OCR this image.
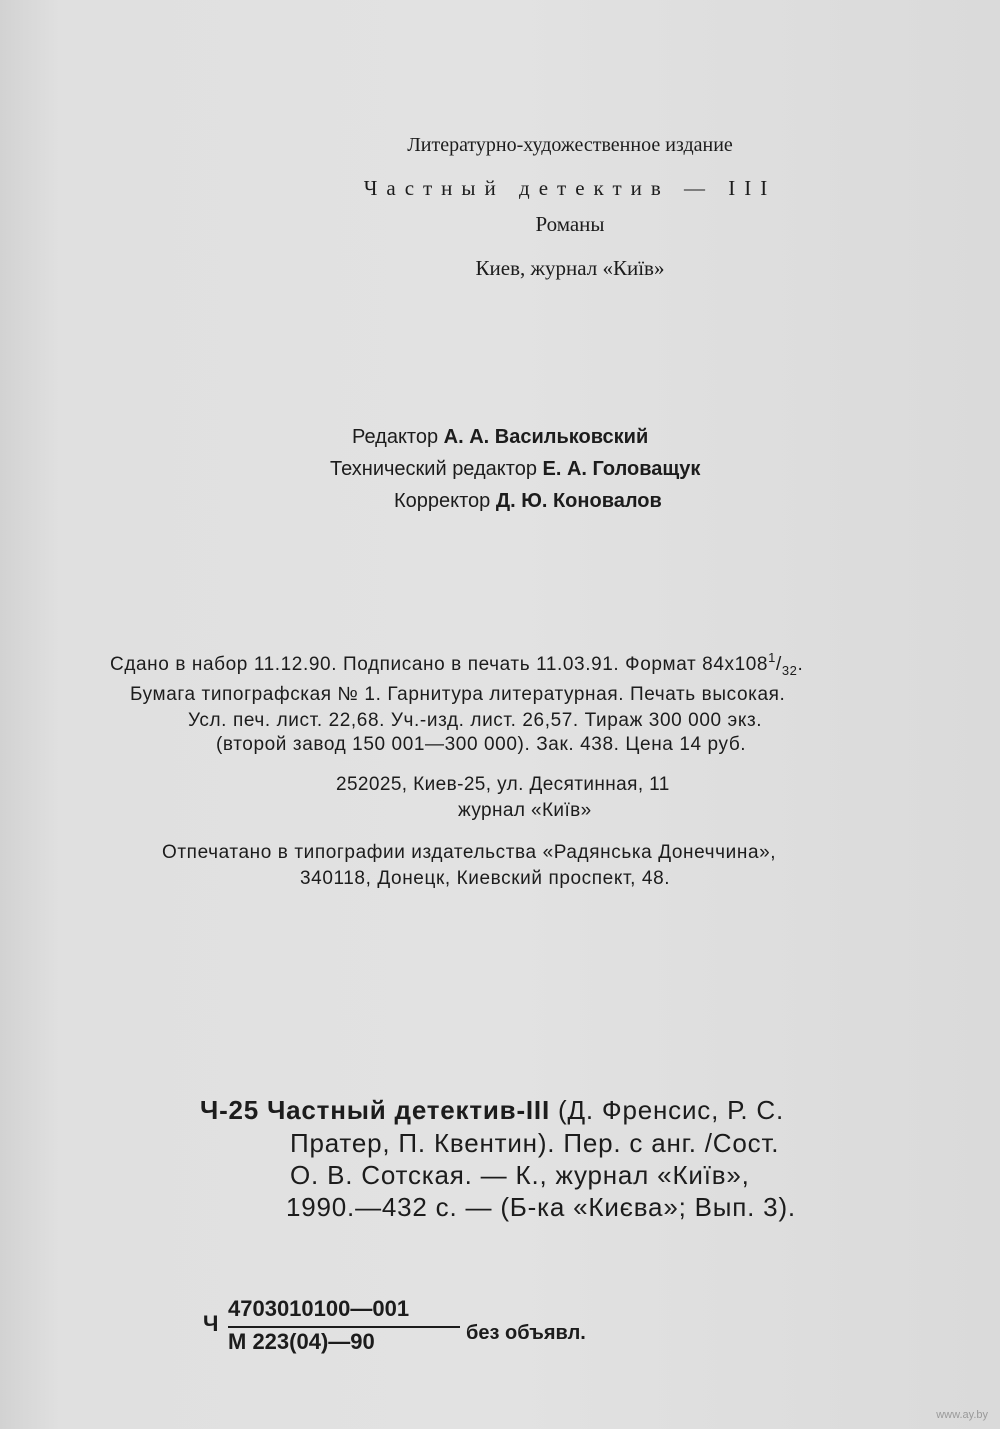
Литературно-художественное издание
Частный детектив — III
Романы
Киев, журнал «Київ»
Редактор А. А. Васильковский
Технический редактор Е. А. Головащук
Корректор Д. Ю. Коновалов
Сдано в набор 11.12.90. Подписано в печать 11.03.91. Формат $84х108^1/_{32}$.
Бумага типографская № 1. Гарнитура литературная. Печать высокая.
Усл. печ. лист. 22,68. Уч.-изд. лист. 26,57. Тираж 300 000 экз.
(второй завод 150 001—300 000). Зак. 438. Цена 14 руб.
252025, Киев-25, ул. Десятинная, 11
журнал «Київ»
Отпечатано в типографии издательства «Радянська Донеччина»,
340118, Донецк, Киевский проспект, 48.
Ч-25 Частный детектив-III (Д. Френсис, Р. С.
Пратер, П. Квентин). Пер. с анг. /Сост.
О. В. Сотская. — К., журнал «Київ»,
1990.—432 с. — (Б-ка «Києва»; Вып. 3).
Ч
4703010100—001
М 223(04)—90	без объявл.
www.ay.by
